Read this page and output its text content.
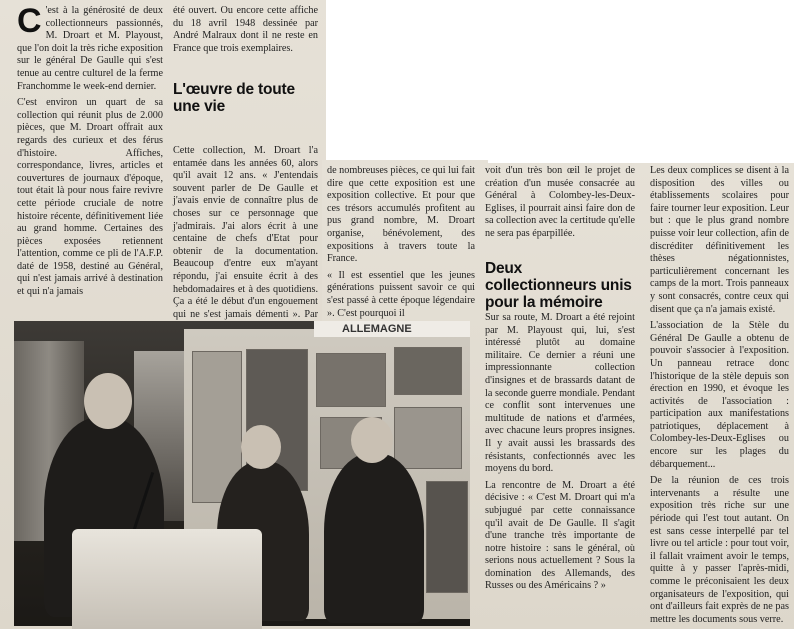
C 'est à la générosité de deux collectionneurs passionnés, M. Droart et M. Playoust, que l'on doit la très riche exposition sur le général De Gaulle qui s'est tenue au centre culturel de la ferme Franchomme le week-end dernier.

C'est environ un quart de sa collection qui réunit plus de 2.000 pièces, que M. Droart offrait aux regards des curieux et des férus d'histoire. Affiches, correspondance, livres, articles et couvertures de journaux d'époque, tout était là pour nous faire revivre cette période cruciale de notre histoire récente, définitivement liée au grand homme. Certaines des pièces exposées retiennent l'attention, comme ce pli de l'A.F.P. daté de 1958, destiné au Général, qui n'est jamais arrivé à destination et qui n'a jamais

été ouvert. Ou encore cette affiche du 18 avril 1948 dessinée par André Malraux dont il ne reste en France que trois exemplaires.

L'œuvre de toute une vie

Cette collection, M. Droart l'a entamée dans les années 60, alors qu'il avait 12 ans. « J'entendais souvent parler de De Gaulle et j'avais envie de connaître plus de choses sur ce personnage que j'admirais. J'ai alors écrit à une centaine de chefs d'Etat pour obtenir de la documentation. Beaucoup d'entre eux m'ayant répondu, j'ai ensuite écrit à des hebdomadaires et à des quotidiens. Ça a été le début d'un engouement qui ne s'est jamais démenti ». Par

de nombreuses pièces, ce qui lui fait dire que cette exposition est une exposition collective. Et pour que ces trésors accumulés profitent au pus grand nombre, M. Droart organise, bénévolement, des expositions à travers toute la France.

« Il est essentiel que les jeunes générations puissent savoir ce qui s'est passé à cette époque légendaire ». C'est pourquoi il

voit d'un très bon œil le projet de création d'un musée consacrée au Général à Colombey-les-Deux-Eglises, il pourrait ainsi faire don de sa collection avec la certitude qu'elle ne sera pas éparpillée.

Deux collectionneurs unis pour la mémoire

Sur sa route, M. Droart a été rejoint par M. Playoust qui, lui, s'est intéressé plutôt au domaine militaire. Ce dernier a réuni une impressionnante collection d'insignes et de brassards datant de la seconde guerre mondiale. Pendant ce conflit sont intervenues une multitude de nations et d'armées, avec chacune leurs propres insignes. Il y avait aussi les brassards des résistants, confectionnés avec les moyens du bord.

La rencontre de M. Droart a été décisive : « C'est M. Droart qui m'a subjugué par cette connaissance qu'il avait de De Gaulle. Il s'agit d'une tranche très importante de notre histoire : sans le général, où serions nous actuellement ? Sous la domination des Allemands, des Russes ou des Américains ? »

Les deux complices se disent à la disposition des villes ou établissements scolaires pour faire tourner leur exposition. Leur but : que le plus grand nombre puisse voir leur collection, afin de discréditer définitivement les thèses négationnistes, particulièrement concernant les camps de la mort. Trois panneaux y sont consacrés, contre ceux qui disent que ça n'a jamais existé.

L'association de la Stèle du Général De Gaulle a obtenu de pouvoir s'associer à l'exposition. Un panneau retrace donc l'historique de la stèle depuis son érection en 1990, et évoque les activités de l'association : participation aux manifestations patriotiques, déplacement à Colombey-les-Deux-Eglises ou encore sur les plages du débarquement...

De la réunion de ces trois intervenants a résulte une exposition très riche sur une période qui l'est tout autant. On est sans cesse interpellé par tel livre ou tel article : pour tout voir, il fallait vraiment avoir le temps, quitte à y passer l'après-midi, comme le préconisaient les deux organisateurs de l'exposition, qui ont d'ailleurs fait exprès de ne pas mettre les documents sous verre.

ALLEMAGNE
